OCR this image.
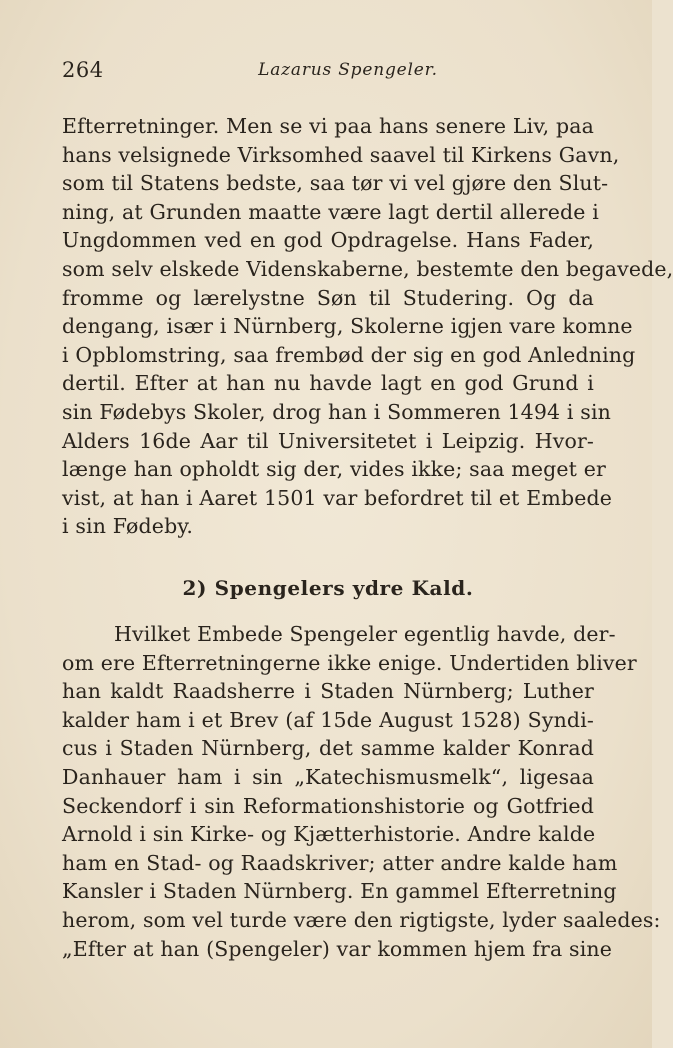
264	Lazarus Spengeler.
Efterretninger. Men se vi paa hans senere Liv, paa
hans velsignede Virksomhed saavel til Kirkens Gavn,
som til Statens bedste, saa tør vi vel gjøre den Slut-
ning, at Grunden maatte være lagt dertil allerede i
Ungdommen ved en god Opdragelse. Hans Fader,
som selv elskede Videnskaberne, bestemte den begavede,
fromme og lærelystne Søn til Studering. Og da
dengang, især i Nürnberg, Skolerne igjen vare komne
i Opblomstring, saa frembød der sig en god Anledning
dertil. Efter at han nu havde lagt en god Grund i
sin Fødebys Skoler, drog han i Sommeren 1494 i sin
Alders 16de Aar til Universitetet i Leipzig. Hvor-
længe han opholdt sig der, vides ikke; saa meget er
vist, at han i Aaret 1501 var befordret til et Embede
i sin Fødeby.
2) Spengelers ydre Kald.
Hvilket Embede Spengeler egentlig havde, der-
om ere Efterretningerne ikke enige. Undertiden bliver
han kaldt Raadsherre i Staden Nürnberg; Luther
kalder ham i et Brev (af 15de August 1528) Syndi-
cus i Staden Nürnberg, det samme kalder Konrad
Danhauer ham i sin „Katechismusmelk“, ligesaa
Seckendorf i sin Reformationshistorie og Gotfried
Arnold i sin Kirke- og Kjætterhistorie. Andre kalde
ham en Stad- og Raadskriver; atter andre kalde ham
Kansler i Staden Nürnberg. En gammel Efterretning
herom, som vel turde være den rigtigste, lyder saaledes:
„Efter at han (Spengeler) var kommen hjem fra sine
